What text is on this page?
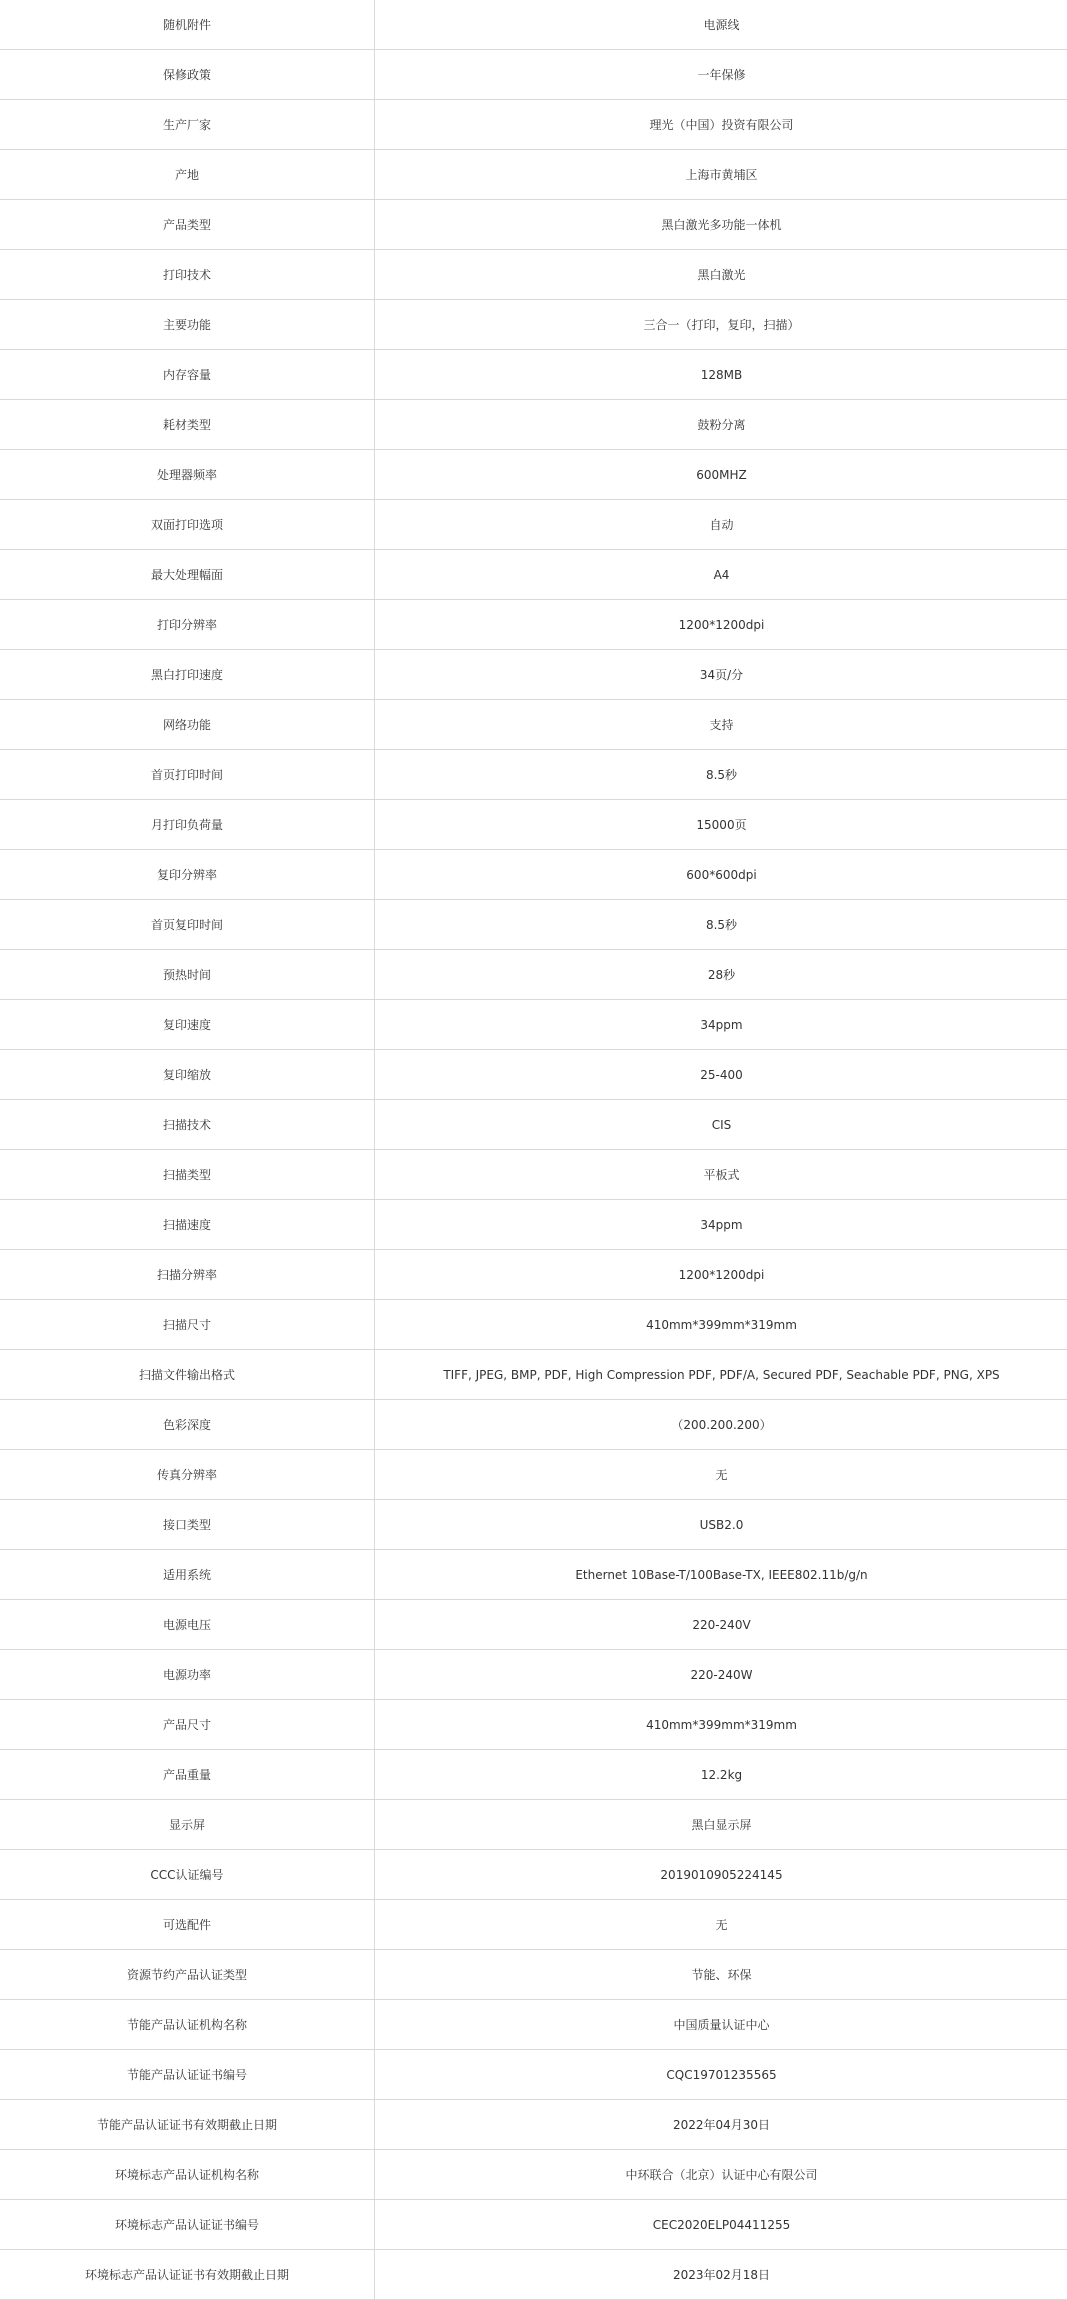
随机附件	电源线
保修政策	一年保修
生产厂家	理光（中国）投资有限公司
产地	上海市黄埔区
产品类型	黑白激光多功能一体机
打印技术	黑白激光
主要功能	三合一（打印，复印，扫描）
内存容量	128MB
耗材类型	鼓粉分离
处理器频率	600MHZ
双面打印选项	自动
最大处理幅面	A4
打印分辨率	1200*1200dpi
黑白打印速度	34页/分
网络功能	支持
首页打印时间	8.5秒
月打印负荷量	15000页
复印分辨率	600*600dpi
首页复印时间	8.5秒
预热时间	28秒
复印速度	34ppm
复印缩放	25-400
扫描技术	CIS
扫描类型	平板式
扫描速度	34ppm
扫描分辨率	1200*1200dpi
扫描尺寸	410mm*399mm*319mm
扫描文件输出格式	TIFF, JPEG, BMP, PDF, High Compression PDF, PDF/A, Secured PDF, Seachable PDF, PNG, XPS
色彩深度	（200.200.200）
传真分辨率	无
接口类型	USB2.0
适用系统	Ethernet 10Base-T/100Base-TX, IEEE802.11b/g/n
电源电压	220-240V
电源功率	220-240W
产品尺寸	410mm*399mm*319mm
产品重量	12.2kg
显示屏	黑白显示屏
CCC认证编号	2019010905224145
可选配件	无
资源节约产品认证类型	节能、环保
节能产品认证机构名称	中国质量认证中心
节能产品认证证书编号	CQC19701235565
节能产品认证证书有效期截止日期	2022年04月30日
环境标志产品认证机构名称	中环联合（北京）认证中心有限公司
环境标志产品认证证书编号	CEC2020ELP04411255
环境标志产品认证证书有效期截止日期	2023年02月18日
